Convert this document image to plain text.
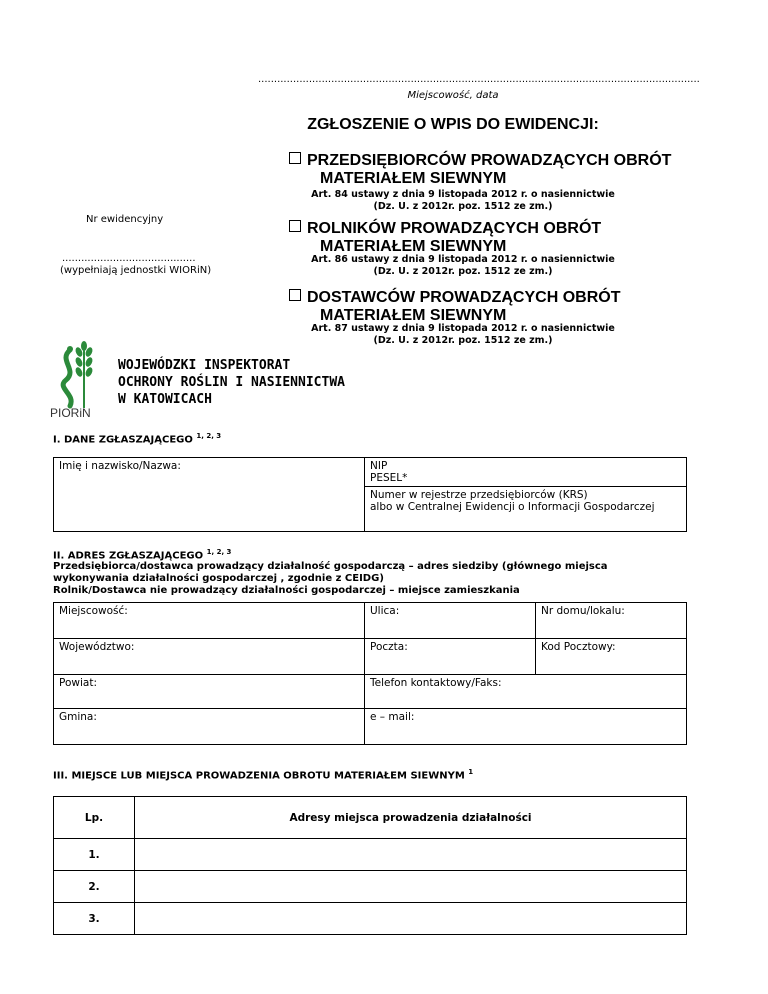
...........................................................................................................................................
Miejscowość, data
ZGŁOSZENIE O WPIS DO EWIDENCJI:
PRZEDSIĘBIORCÓW PROWADZĄCYCH OBRÓT
MATERIAŁEM SIEWNYM
Art. 84 ustawy z dnia 9 listopada 2012 r. o nasiennictwie
(Dz. U. z 2012r. poz. 1512 ze zm.)
Nr ewidencyjny
..........................................
(wypełniają jednostki WIORiN)
ROLNIKÓW PROWADZĄCYCH OBRÓT
MATERIAŁEM SIEWNYM
Art. 86 ustawy z dnia 9 listopada 2012 r. o nasiennictwie
(Dz. U. z 2012r. poz. 1512 ze zm.)
DOSTAWCÓW PROWADZĄCYCH OBRÓT
MATERIAŁEM SIEWNYM
Art. 87 ustawy z dnia 9 listopada 2012 r. o nasiennictwie
(Dz. U. z 2012r. poz. 1512 ze zm.)
PIORiN
WOJEWÓDZKI INSPEKTORAT
OCHRONY ROŚLIN I NASIENNICTWA
W KATOWICACH
I. DANE ZGŁASZAJĄCEGO $^{1, 2, 3}$
Imię i nazwisko/Nazwa:	NIP
PESEL*

Numer w rejestrze przedsiębiorców (KRS)
albo w Centralnej Ewidencji o Informacji Gospodarczej
II. ADRES ZGŁASZAJĄCEGO $^{1, 2, 3}$
Przedsiębiorca/dostawca prowadzący działalność gospodarczą – adres siedziby (głównego miejsca
wykonywania działalności gospodarczej , zgodnie z CEIDG)
Rolnik/Dostawca nie prowadzący działalności gospodarczej – miejsce zamieszkania
Miejscowość:	Ulica:	Nr domu/lokalu:
Województwo:	Poczta:	Kod Pocztowy:
Powiat:	Telefon kontaktowy/Faks:	
Gmina:	e – mail:	
III. MIEJSCE LUB MIEJSCA PROWADZENIA OBROTU MATERIAŁEM SIEWNYM $^1$
Lp.	Adresy miejsca prowadzenia działalności
1.	
2.	
3.	
